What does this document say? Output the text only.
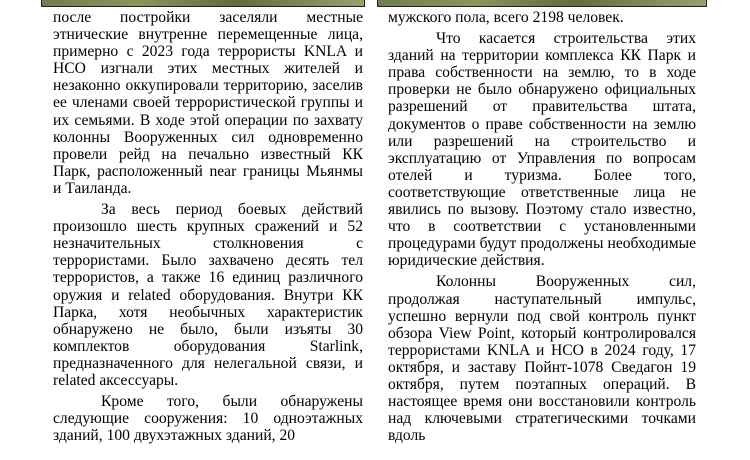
после постройки заселяли местные этнические внутренне перемещенные лица, примерно с 2023 года террористы KNLA и НСО изгнали этих местных жителей и незаконно оккупировали территорию, заселив ее членами своей террористической группы и их семьями. В ходе этой операции по захвату колонны Вооруженных сил одновременно провели рейд на печально известный КК Парк, расположенный near границы Мьянмы и Таиланда.

За весь период боевых действий произошло шесть крупных сражений и 52 незначительных столкновения с террористами. Было захвачено десять тел террористов, а также 16 единиц различного оружия и related оборудования. Внутри КК Парка, хотя необычных характеристик обнаружено не было, были изъяты 30 комплектов оборудования Starlink, предназначенного для нелегальной связи, и related аксессуары.

Кроме того, были обнаружены следующие сооружения: 10 одноэтажных зданий, 100 двухэтажных зданий, 20

мужского пола, всего 2198 человек.

Что касается строительства этих зданий на территории комплекса КК Парк и права собственности на землю, то в ходе проверки не было обнаружено официальных разрешений от правительства штата, документов о праве собственности на землю или разрешений на строительство и эксплуатацию от Управления по вопросам отелей и туризма. Более того, соответствующие ответственные лица не явились по вызову. Поэтому стало известно, что в соответствии с установленными процедурами будут продолжены необходимые юридические действия.

Колонны Вооруженных сил, продолжая наступательный импульс, успешно вернули под свой контроль пункт обзора View Point, который контролировался террористами KNLA и НСО в 2024 году, 17 октября, и заставу Пойнт-1078 Сведагон 19 октября, путем поэтапных операций. В настоящее время они восстановили контроль над ключевыми стратегическими точками вдоль
